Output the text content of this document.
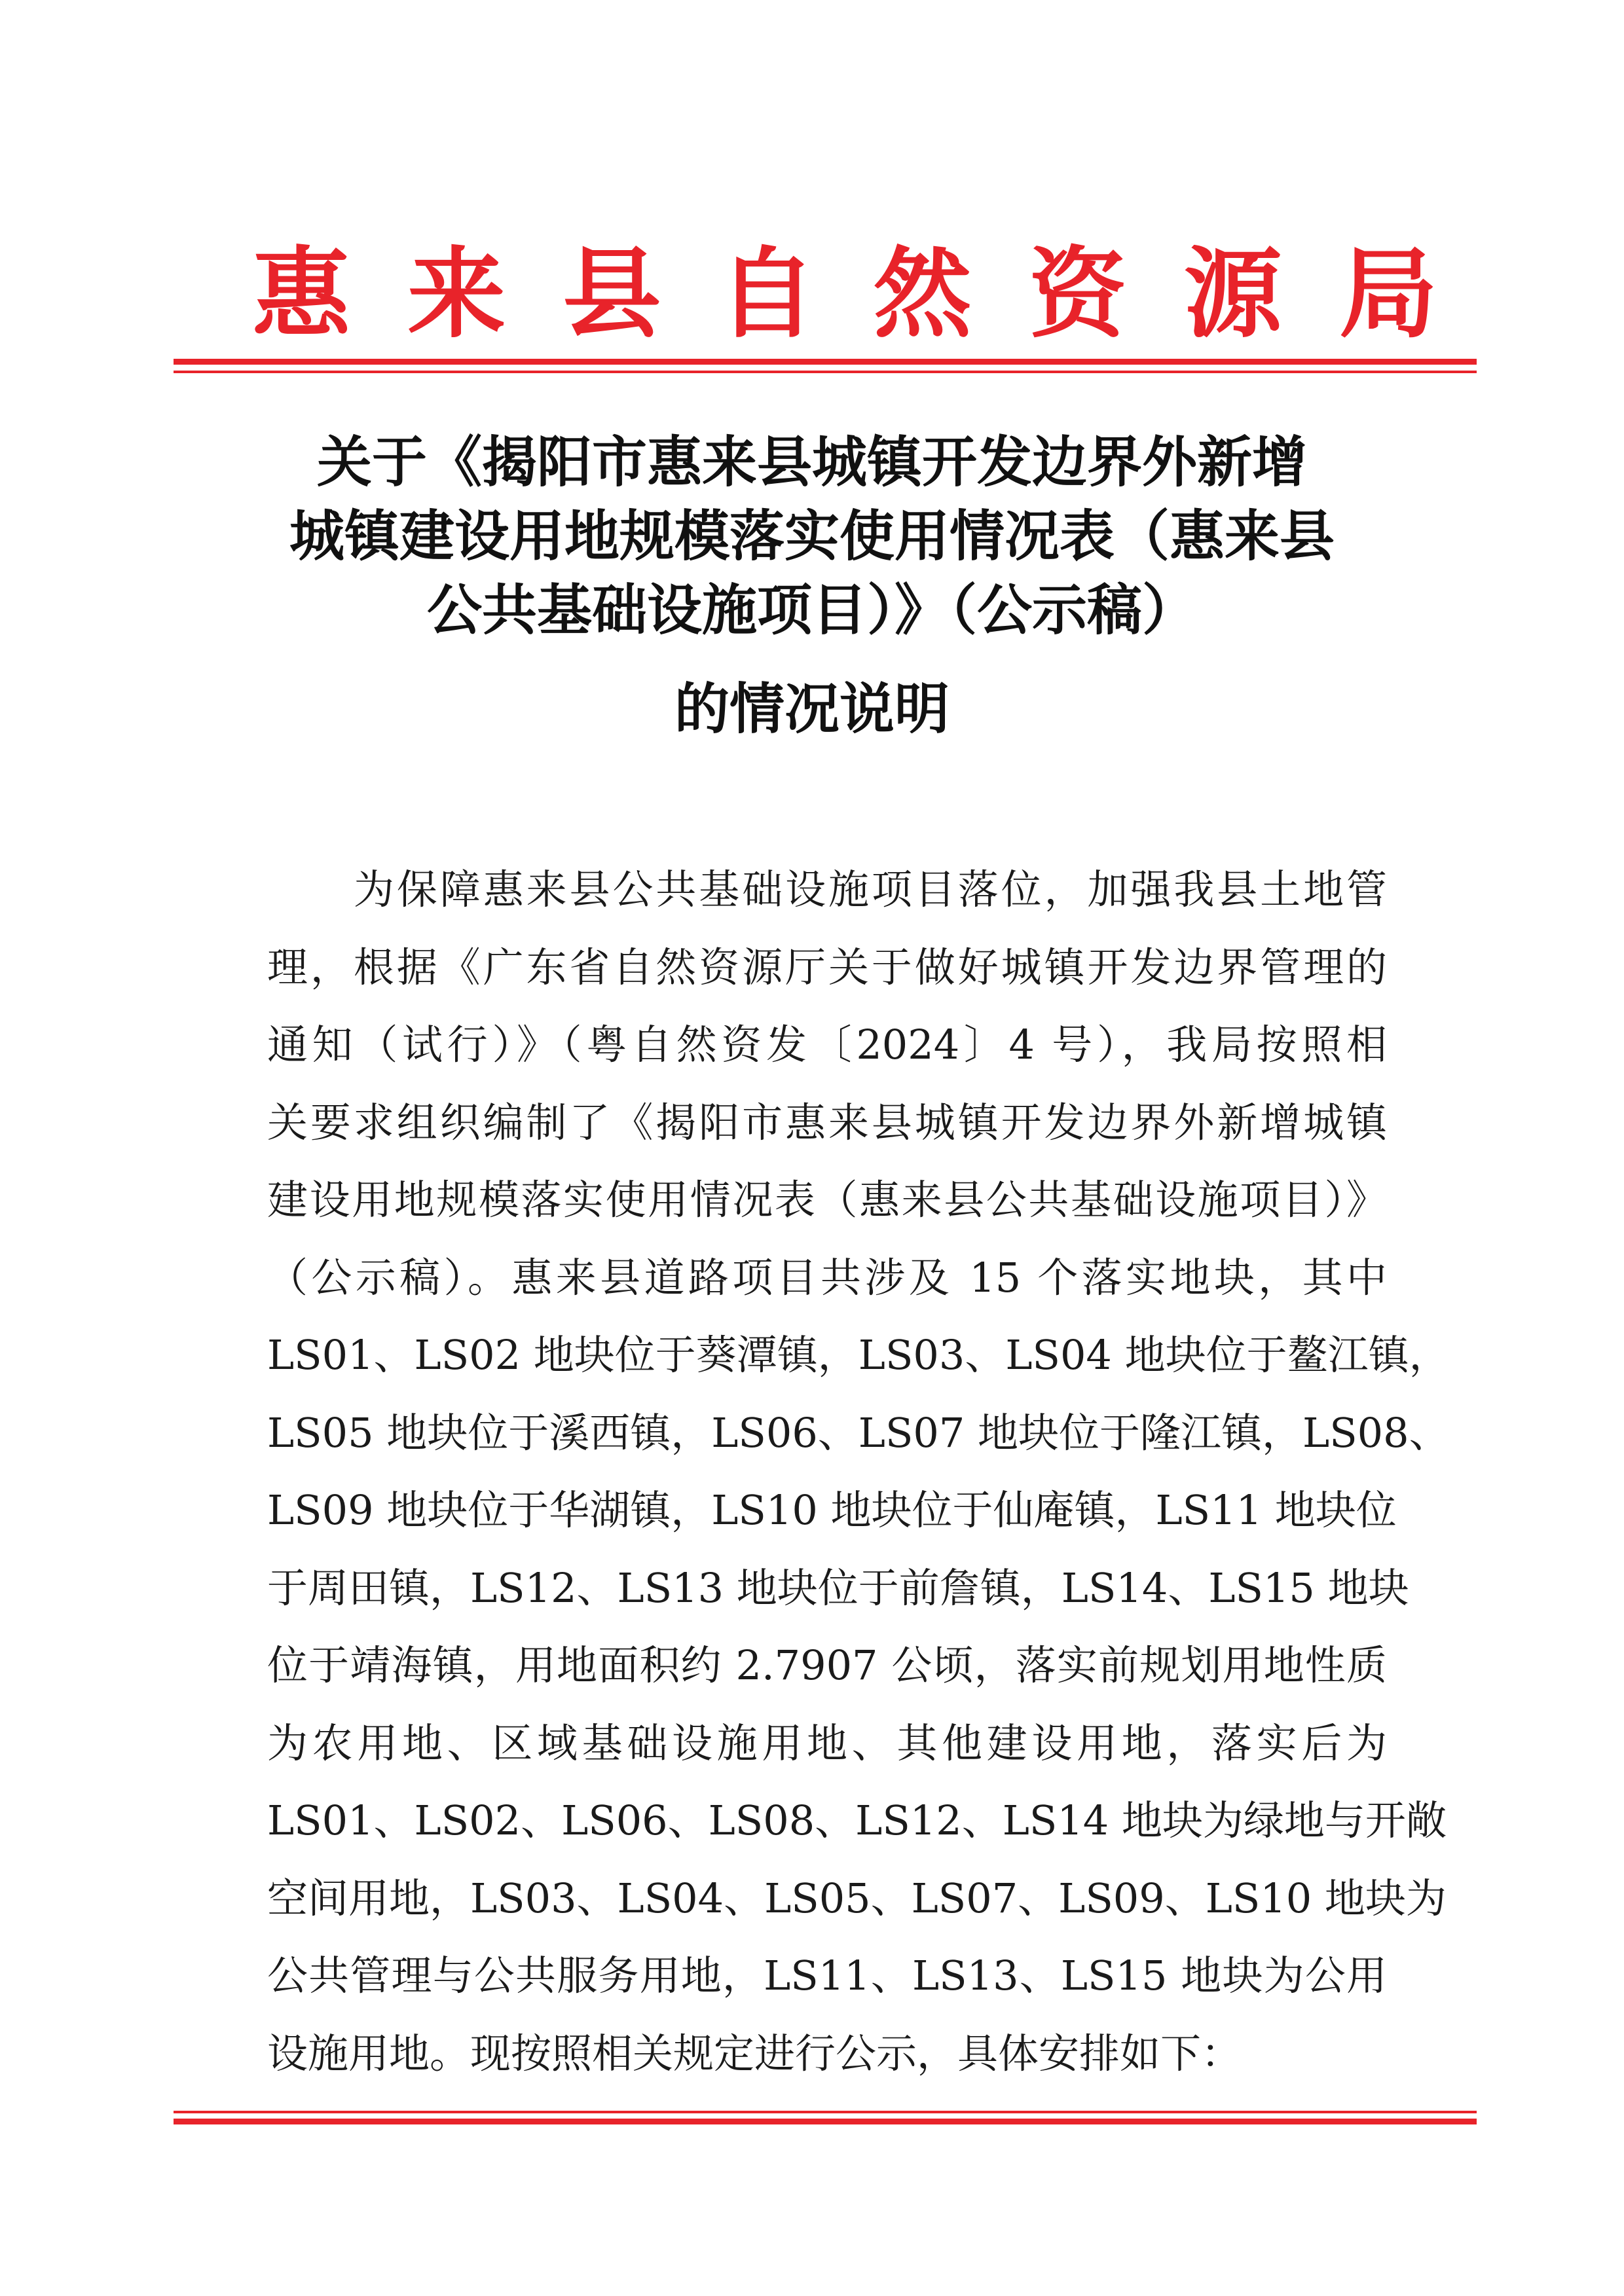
惠 来 县 自 然 资 源 局
关于《揭阳市惠来县城镇开发边界外新增
城镇建设用地规模落实使用情况表（惠来县
公共基础设施项目）》（公示稿）
的情况说明
为保障惠来县公共基础设施项目落位，加强我县土地管
理，根据《广东省自然资源厅关于做好城镇开发边界管理的
通知（试行）》（粤自然资发〔2024〕4 号），我局按照相
关要求组织编制了《揭阳市惠来县城镇开发边界外新增城镇
建设用地规模落实使用情况表（惠来县公共基础设施项目）》
（公示稿）。惠来县道路项目共涉及 15 个落实地块，其中
LS01、LS02 地块位于葵潭镇，LS03、LS04 地块位于鳌江镇，
LS05 地块位于溪西镇，LS06、LS07 地块位于隆江镇，LS08、
LS09 地块位于华湖镇，LS10 地块位于仙庵镇，LS11 地块位
于周田镇，LS12、LS13 地块位于前詹镇，LS14、LS15 地块
位于靖海镇，用地面积约 2.7907 公顷，落实前规划用地性质
为农用地、区域基础设施用地、其他建设用地，落实后为
LS01、LS02、LS06、LS08、LS12、LS14 地块为绿地与开敞
空间用地，LS03、LS04、LS05、LS07、LS09、LS10 地块为
公共管理与公共服务用地，LS11、LS13、LS15 地块为公用
设施用地。现按照相关规定进行公示，具体安排如下：
